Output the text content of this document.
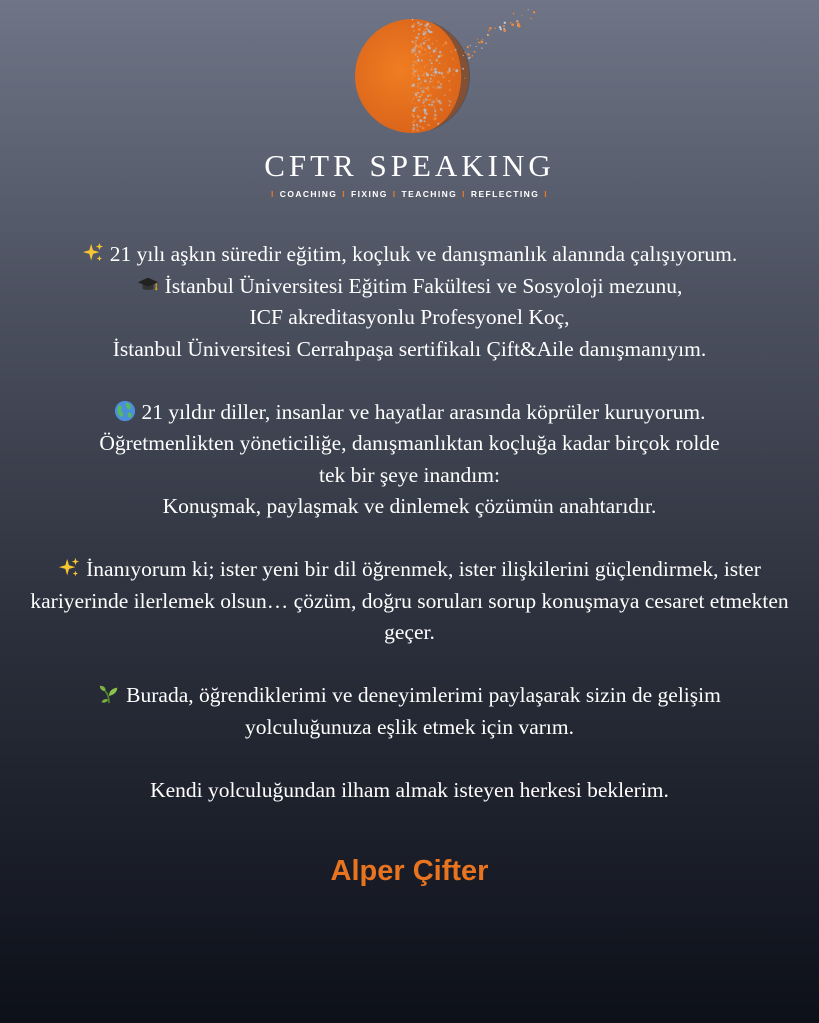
CFTR SPEAKING
I COACHING I FIXING I TEACHING I REFLECTING I
21 yılı aşkın süredir eğitim, koçluk ve danışmanlık alanında çalışıyorum.
İstanbul Üniversitesi Eğitim Fakültesi ve Sosyoloji mezunu,
ICF akreditasyonlu Profesyonel Koç,
İstanbul Üniversitesi Cerrahpaşa sertifikalı Çift&Aile danışmanıyım.
21 yıldır diller, insanlar ve hayatlar arasında köprüler kuruyorum.
Öğretmenlikten yöneticiliğe, danışmanlıktan koçluğa kadar birçok rolde
tek bir şeye inandım:
Konuşmak, paylaşmak ve dinlemek çözümün anahtarıdır.
İnanıyorum ki; ister yeni bir dil öğrenmek, ister ilişkilerini güçlendirmek, ister kariyerinde ilerlemek olsun… çözüm, doğru soruları sorup konuşmaya cesaret etmekten geçer.
Burada, öğrendiklerimi ve deneyimlerimi paylaşarak sizin de gelişim
yolculuğunuza eşlik etmek için varım.
Kendi yolculuğundan ilham almak isteyen herkesi beklerim.
Alper Çifter
